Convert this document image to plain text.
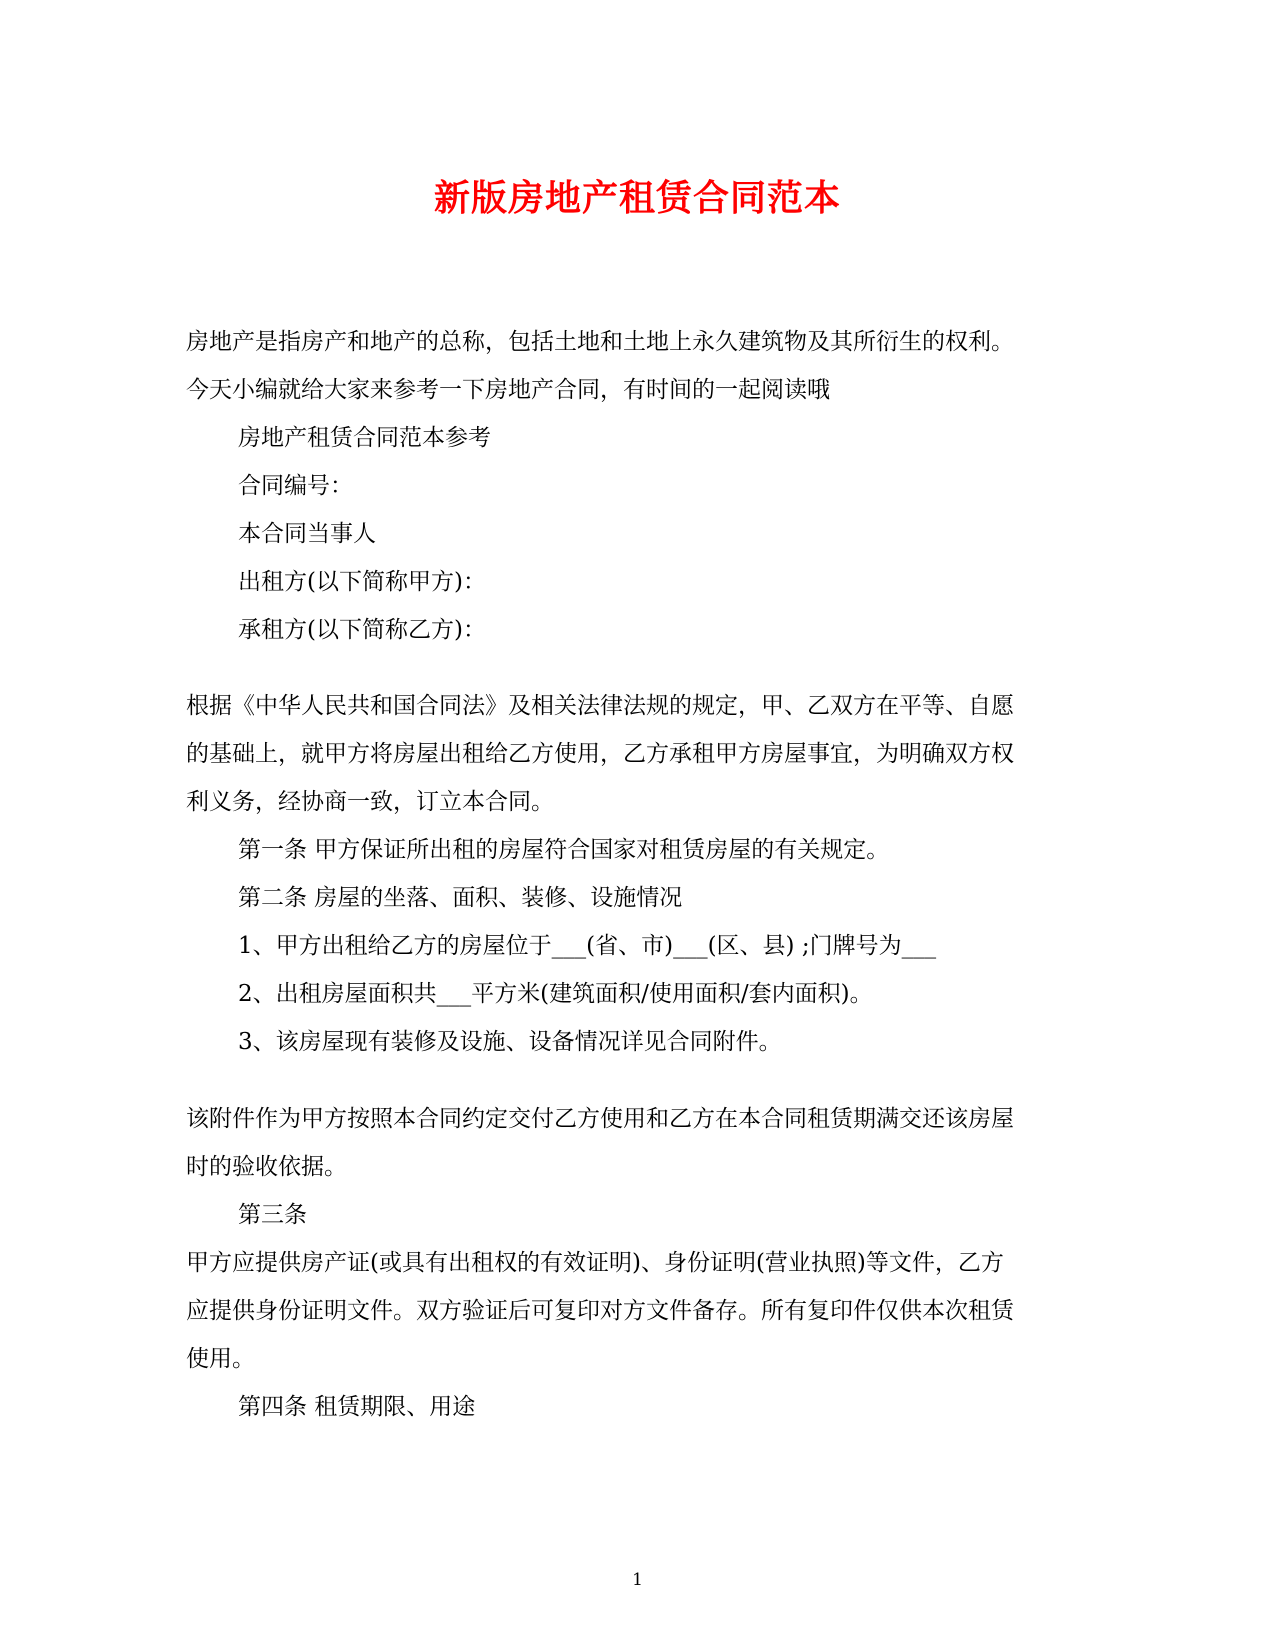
新版房地产租赁合同范本
房地产是指房产和地产的总称，包括土地和土地上永久建筑物及其所衍生的权利。
今天小编就给大家来参考一下房地产合同，有时间的一起阅读哦
房地产租赁合同范本参考
合同编号：
本合同当事人
出租方(以下简称甲方)：
承租方(以下简称乙方)：
根据《中华人民共和国合同法》及相关法律法规的规定，甲、乙双方在平等、自愿
的基础上，就甲方将房屋出租给乙方使用，乙方承租甲方房屋事宜，为明确双方权
利义务，经协商一致，订立本合同。
第一条 甲方保证所出租的房屋符合国家对租赁房屋的有关规定。
第二条 房屋的坐落、面积、装修、设施情况
1、甲方出租给乙方的房屋位于___(省、市)___(区、县) ;门牌号为___
2、出租房屋面积共___平方米(建筑面积/使用面积/套内面积)。
3、该房屋现有装修及设施、设备情况详见合同附件。
该附件作为甲方按照本合同约定交付乙方使用和乙方在本合同租赁期满交还该房屋
时的验收依据。
第三条
甲方应提供房产证(或具有出租权的有效证明)、身份证明(营业执照)等文件，乙方
应提供身份证明文件。双方验证后可复印对方文件备存。所有复印件仅供本次租赁
使用。
第四条 租赁期限、用途
1
